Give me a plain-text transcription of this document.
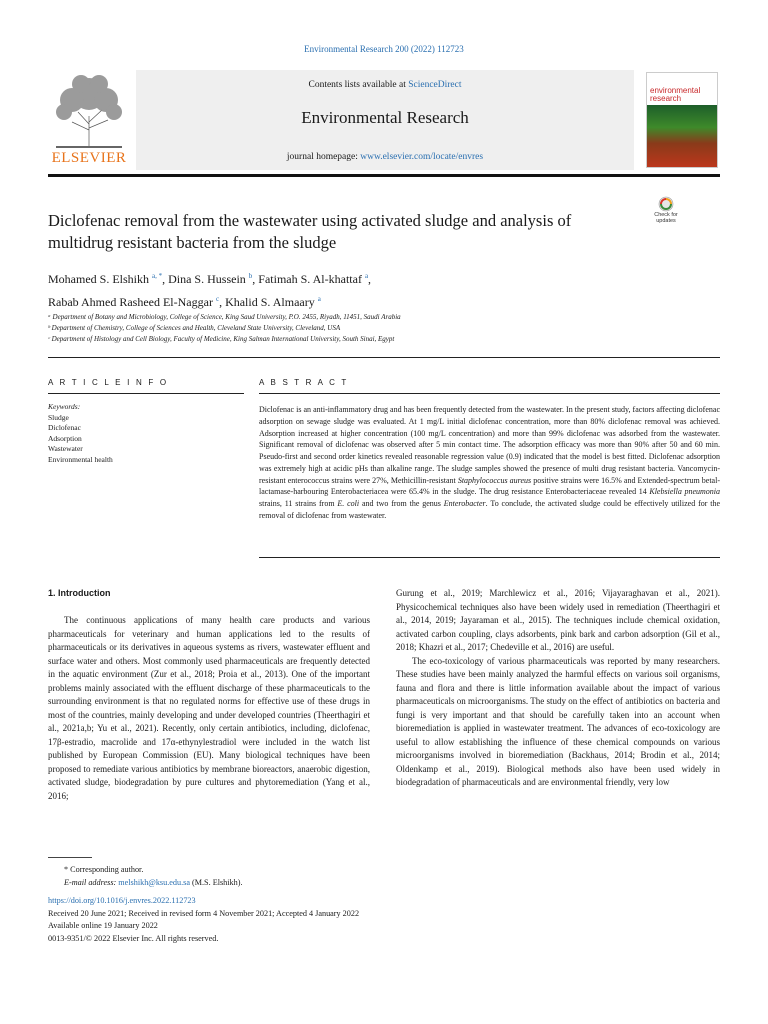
Environmental Research 200 (2022) 112723
ELSEVIER
Contents lists available at ScienceDirect
Environmental Research
journal homepage: www.elsevier.com/locate/envres
environmental research
Check for updates
Diclofenac removal from the wastewater using activated sludge and analysis of multidrug resistant bacteria from the sludge
Mohamed S. Elshikh $^{a, *}$, Dina S. Hussein $^b$, Fatimah S. Al-khattaf $^a$,
Rabab Ahmed Rasheed El-Naggar $^c$, Khalid S. Almaary $^a$
ᵃ Department of Botany and Microbiology, College of Science, King Saud University, P.O. 2455, Riyadh, 11451, Saudi Arabia
ᵇ Department of Chemistry, College of Sciences and Health, Cleveland State University, Cleveland, USA
ᶜ Department of Histology and Cell Biology, Faculty of Medicine, King Salman International University, South Sinai, Egypt
A R T I C L E I N F O	A B S T R A C T
Keywords:
Sludge
Diclofenac
Adsorption
Wastewater
Environmental health
Diclofenac is an anti-inflammatory drug and has been frequently detected from the wastewater. In the present study, factors affecting diclofenac adsorption on sewage sludge was evaluated. At 1 mg/L initial diclofenac concentration, more than 80% diclofenac removal was achieved. Adsorption increased at higher concentration (100 mg/L concentration) and more than 99% diclofenac was adsorbed from the wastewater. Significant removal of diclofenac was observed after 5 min contact time. The adsorption efficacy was more than 90% after 50 and 60 min. Pseudo-first and second order kinetics revealed reasonable regression value (0.9) indicated that the model is best fitted. Diclofenac adsorption was extremely high at acidic pHs than alkaline range. The sludge samples showed the presence of multi drug resistant bacteria. Vancomycin-resistant enterococcus strains were 27%, Methicillin-resistant Staphylococcus aureus positive strains were 16.5% and Extended-spectrum betal-lactamase-harbouring Enterobacteriacea were 65.4% in the sludge. The drug resistance Enterobacteriaceae revealed 14 Klebsiella pneumonia strains, 11 strains from E. coli and two from the genus Enterobacter. To conclude, the activated sludge could be effectively utilized for the removal of diclofenac from wastewater.
1. Introduction

The continuous applications of many health care products and various pharmaceuticals for veterinary and human applications led to the results of pharmaceuticals or its derivatives in aqueous systems as rivers, wastewater effluent and surface water and others. Most commonly used pharmaceuticals are frequently detected in the aquatic environment (Zur et al., 2018; Proia et al., 2013). One of the important problems mainly associated with the effluent discharge of these pharmaceuticals to the surrounding environment is that no regulated norms for effective use of these drugs in most of the countries, mainly developing and under developed countries (Theerthagiri et al., 2021a,b; Yu et al., 2021). Recently, only certain antibiotics, including, diclofenac, 17β-estradio, macrolide and 17α-ethynylestradiol were included in the watch list published by European Commission (EU). Many biological techniques have been proposed to remediate various antibiotics by membrane bioreactors, anaerobic digestion, activated sludge, biodegradation by pure cultures and phytoremediation (Yang et al., 2016;

Gurung et al., 2019; Marchlewicz et al., 2016; Vijayaraghavan et al., 2021). Physicochemical techniques also have been widely used in remediation (Theerthagiri et al., 2014, 2019; Jayaraman et al., 2015). The techniques include chemical oxidation, activated carbon coupling, clays adsorbents, pink bark and carbon adsorption (Gil et al., 2018; Khazri et al., 2017; Chedeville et al., 2016) are useful.

The eco-toxicology of various pharmaceuticals was reported by many researchers. These studies have been mainly analyzed the harmful effects on various soil organisms, fauna and flora and there is little information available about the impact of various pharmaceuticals on microorganisms. The study on the effect of antibiotics on bacteria and fungi is very important and that should be carefully taken into an account when bioremediation is applied in wastewater treatment. The advances of eco-toxicology are useful to allow establishing the influence of these chemical compounds on various microorganisms involved in bioremediation (Backhaus, 2014; Brodin et al., 2014; Oldenkamp et al., 2019). Biological methods also have been used widely in biodegradation of pharmaceuticals and are environmental friendly, very low

* Corresponding author.
E-mail address: melshikh@ksu.edu.sa (M.S. Elshikh).
https://doi.org/10.1016/j.envres.2022.112723
Received 20 June 2021; Received in revised form 4 November 2021; Accepted 4 January 2022
Available online 19 January 2022
0013-9351/© 2022 Elsevier Inc. All rights reserved.
